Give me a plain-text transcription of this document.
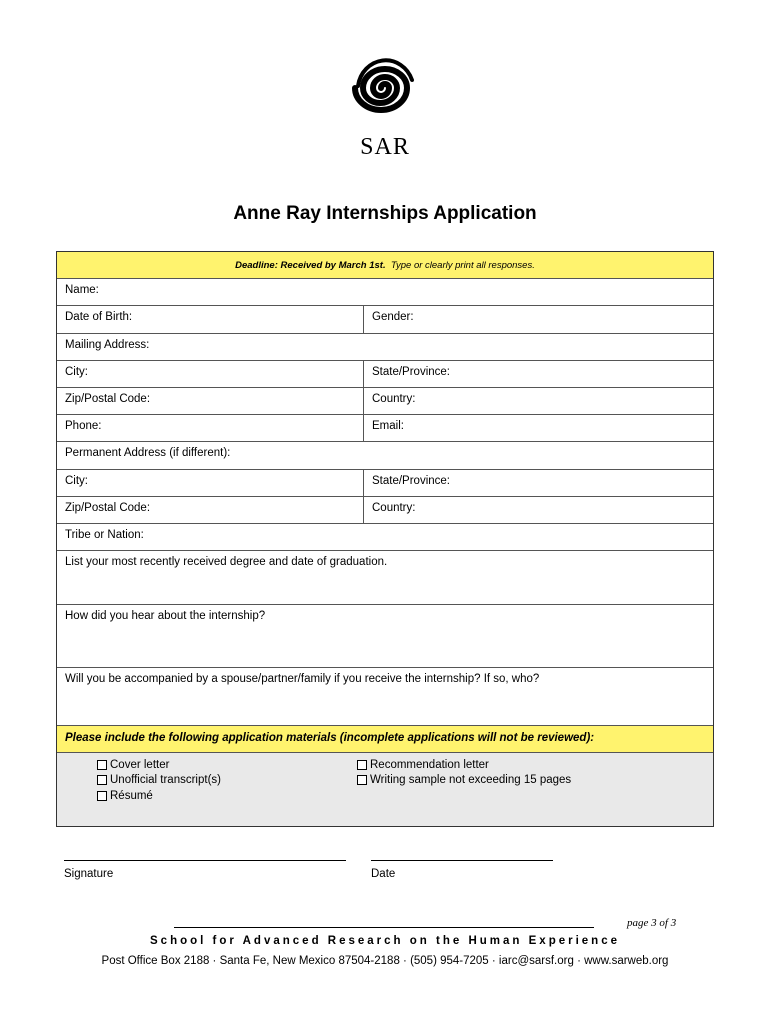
SAR
Anne Ray Internships Application
Deadline: Received by March 1st. Type or clearly print all responses.
Name:
Date of Birth:	Gender:
Mailing Address:
City:	State/Province:
Zip/Postal Code:	Country:
Phone:	Email:
Permanent Address (if different):
City:	State/Province:
Zip/Postal Code:	Country:
Tribe or Nation:
List your most recently received degree and date of graduation.
How did you hear about the internship?
Will you be accompanied by a spouse/partner/family if you receive the internship? If so, who?
Please include the following application materials (incomplete applications will not be reviewed):
Cover letter
Unofficial transcript(s)
Résumé
Recommendation letter
Writing sample not exceeding 15 pages
Signature	Date
page 3 of 3
School for Advanced Research on the Human Experience
Post Office Box 2188 · Santa Fe, New Mexico 87504-2188 · (505) 954-7205 · iarc@sarsf.org · www.sarweb.org
